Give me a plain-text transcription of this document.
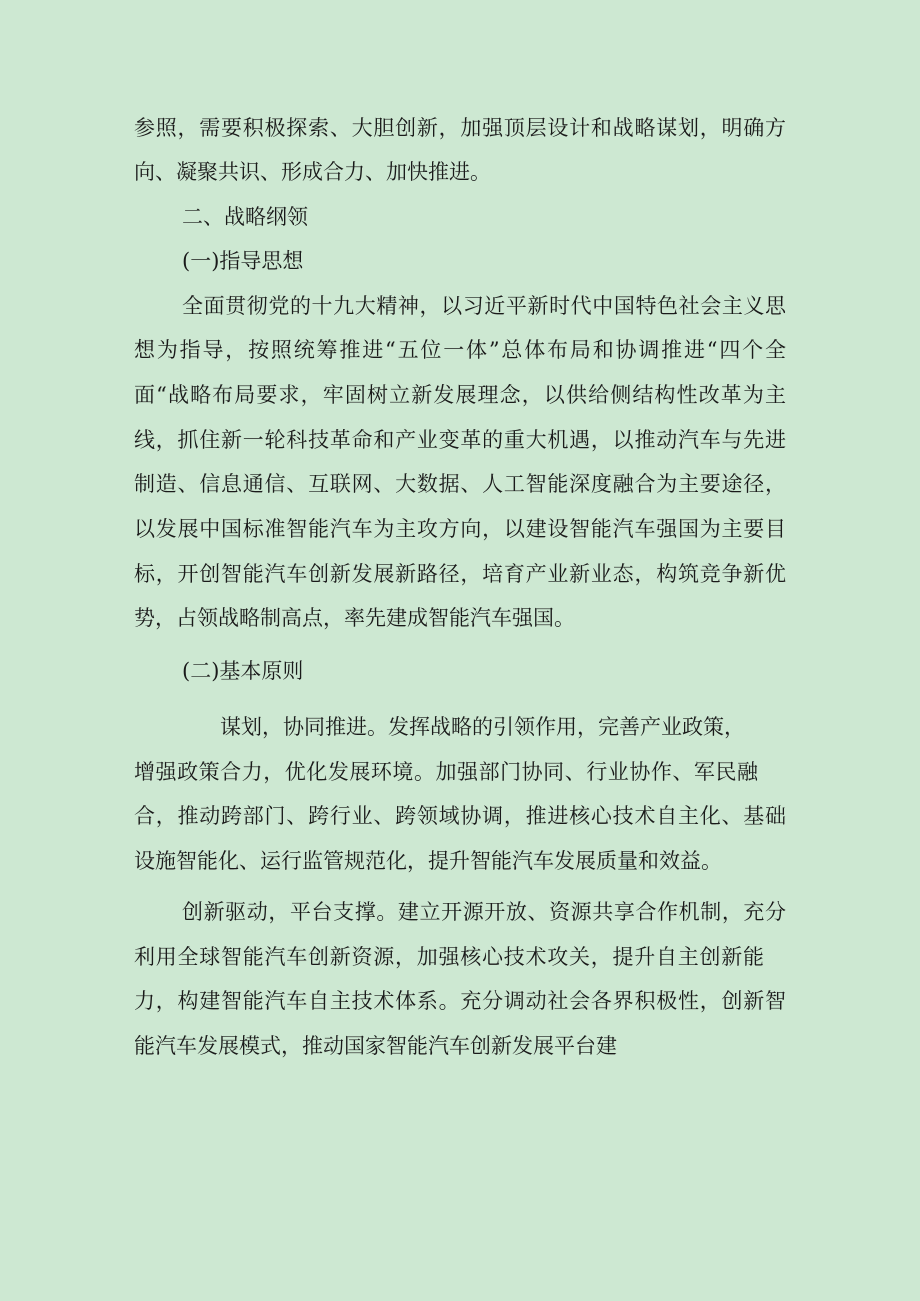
参照，需要积极探索、大胆创新，加强顶层设计和战略谋划，明确方
向、凝聚共识、形成合力、加快推进。
二、战略纲领
(一)指导思想
全面贯彻党的十九大精神，以习近平新时代中国特色社会主义思
想为指导，按照统筹推进“五位一体”总体布局和协调推进“四个全
面“战略布局要求，牢固树立新发展理念，以供给侧结构性改革为主
线，抓住新一轮科技革命和产业变革的重大机遇，以推动汽车与先进
制造、信息通信、互联网、大数据、人工智能深度融合为主要途径，
以发展中国标准智能汽车为主攻方向，以建设智能汽车强国为主要目
标，开创智能汽车创新发展新路径，培育产业新业态，构筑竞争新优
势，占领战略制高点，率先建成智能汽车强国。
(二)基本原则
谋划，协同推进。发挥战略的引领作用，完善产业政策，
增强政策合力，优化发展环境。加强部门协同、行业协作、军民融
合，推动跨部门、跨行业、跨领域协调，推进核心技术自主化、基础
设施智能化、运行监管规范化，提升智能汽车发展质量和效益。
创新驱动，平台支撑。建立开源开放、资源共享合作机制，充分
利用全球智能汽车创新资源，加强核心技术攻关，提升自主创新能
力，构建智能汽车自主技术体系。充分调动社会各界积极性，创新智
能汽车发展模式，推动国家智能汽车创新发展平台建
